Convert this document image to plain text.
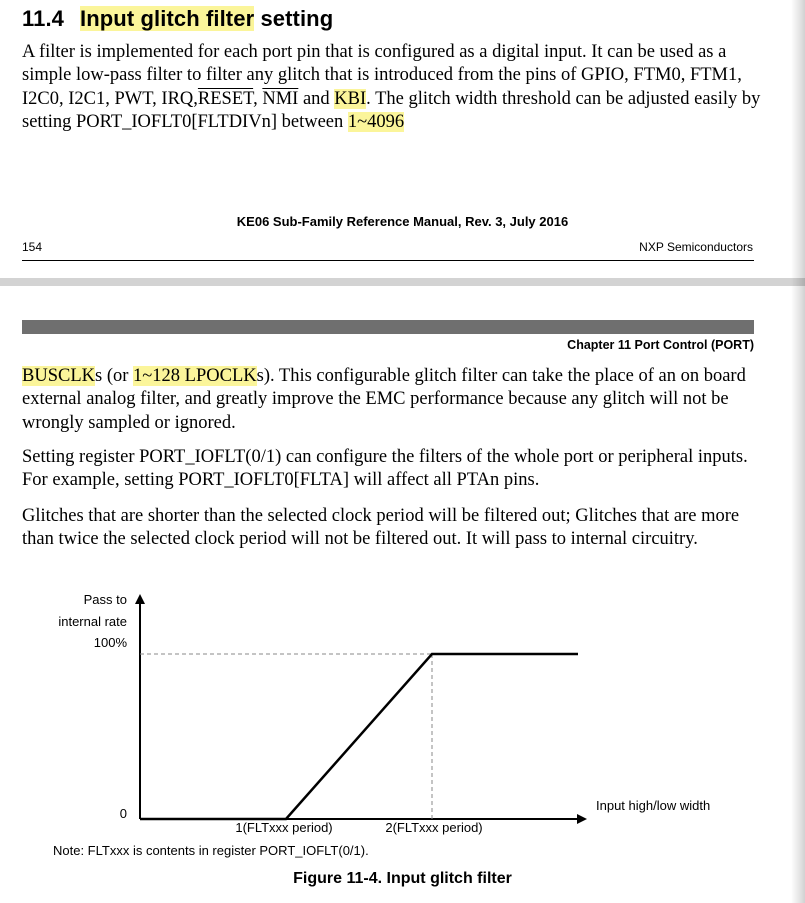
11.4 Input glitch filter setting
A filter is implemented for each port pin that is configured as a digital input. It can be used as a simple low-pass filter to filter any glitch that is introduced from the pins of GPIO, FTM0, FTM1, I2C0, I2C1, PWT, IRQ,RESET, $\overline{NMI}$ and KBI. The glitch width threshold can be adjusted easily by setting PORT_IOFLT0[FLTDIVn] between 1~4096
KE06 Sub-Family Reference Manual, Rev. 3, July 2016
154	NXP Semiconductors
Chapter 11 Port Control (PORT)
BUSCLKs (or 1~128 LPOCLKs). This configurable glitch filter can take the place of an on board external analog filter, and greatly improve the EMC performance because any glitch will not be wrongly sampled or ignored.
Setting register PORT_IOFLT(0/1) can configure the filters of the whole port or peripheral inputs. For example, setting PORT_IOFLT0[FLTA] will affect all PTAn pins.
Glitches that are shorter than the selected clock period will be filtered out; Glitches that are more than twice the selected clock period will not be filtered out. It will pass to internal circuitry.
Pass to
internal rate
100%
Input high/low width
0
1(FLTxxx period)	2(FLTxxx period)
Note: FLTxxx is contents in register PORT_IOFLT(0/1).
Figure 11-4. Input glitch filter
